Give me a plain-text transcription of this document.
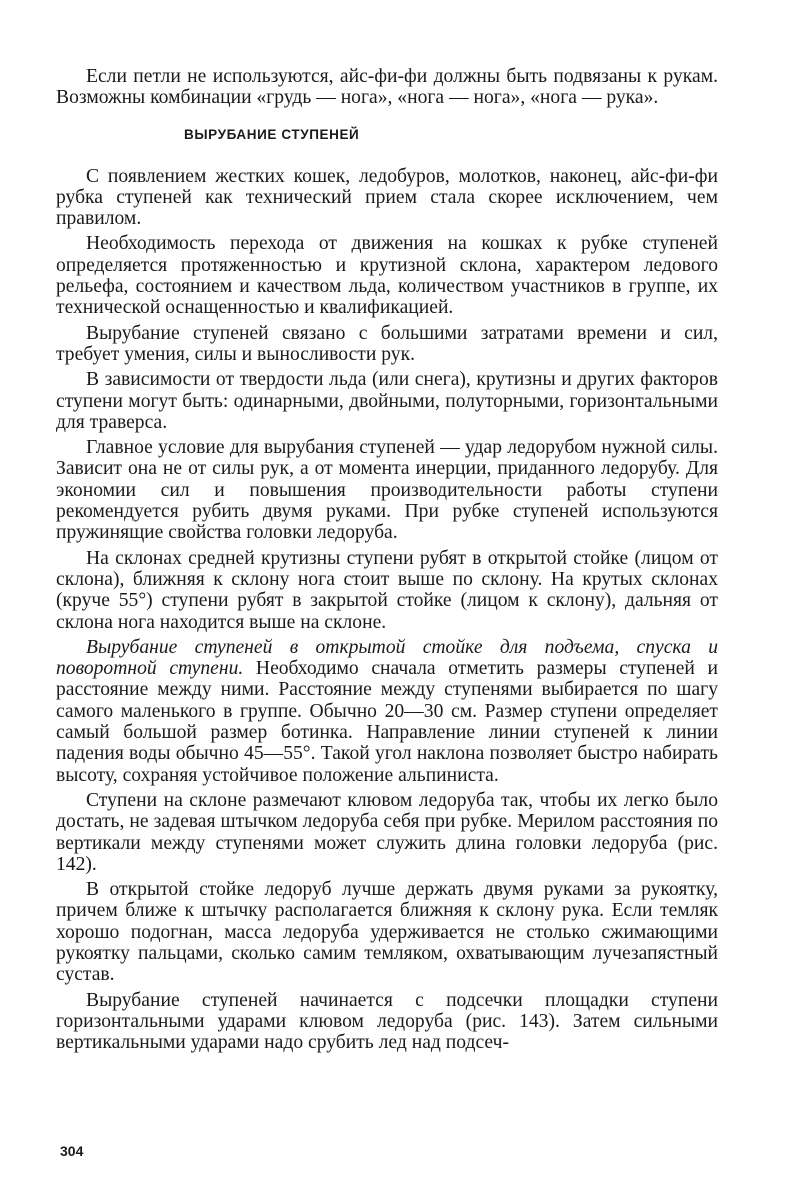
Если петли не используются, айс-фи-фи должны быть подвязаны к рукам. Возможны комбинации «грудь — нога», «нога — нога», «нога — рука».

ВЫРУБАНИЕ СТУПЕНЕЙ

С появлением жестких кошек, ледобуров, молотков, наконец, айс-фи-фи рубка ступеней как технический прием стала скорее исключением, чем правилом.

Необходимость перехода от движения на кошках к рубке ступеней определяется протяженностью и крутизной склона, характером ледового рельефа, состоянием и качеством льда, количеством участников в группе, их технической оснащенностью и квалификацией.

Вырубание ступеней связано с большими затратами времени и сил, требует умения, силы и выносливости рук.

В зависимости от твердости льда (или снега), крутизны и других факторов ступени могут быть: одинарными, двойными, полуторными, горизонтальными для траверса.

Главное условие для вырубания ступеней — удар ледорубом нужной силы. Зависит она не от силы рук, а от момента инерции, приданного ледорубу. Для экономии сил и повышения производительности работы ступени рекомендуется рубить двумя руками. При рубке ступеней используются пружинящие свойства головки ледоруба.

На склонах средней крутизны ступени рубят в открытой стойке (лицом от склона), ближняя к склону нога стоит выше по склону. На крутых склонах (круче 55°) ступени рубят в закрытой стойке (лицом к склону), дальняя от склона нога находится выше на склоне.

Вырубание ступеней в открытой стойке для подъема, спуска и поворотной ступени. Необходимо сначала отметить размеры ступеней и расстояние между ними. Расстояние между ступенями выбирается по шагу самого маленького в группе. Обычно 20—30 см. Размер ступени определяет самый большой размер ботинка. Направление линии ступеней к линии падения воды обычно 45—55°. Такой угол наклона позволяет быстро набирать высоту, сохраняя устойчивое положение альпиниста.

Ступени на склоне размечают клювом ледоруба так, чтобы их легко было достать, не задевая штычком ледоруба себя при рубке. Мерилом расстояния по вертикали между ступенями может служить длина головки ледоруба (рис. 142).

В открытой стойке ледоруб лучше держать двумя руками за рукоятку, причем ближе к штычку располагается ближняя к склону рука. Если темляк хорошо подогнан, масса ледоруба удерживается не столько сжимающими рукоятку пальцами, сколько самим темляком, охватывающим лучезапястный сустав.

Вырубание ступеней начинается с подсечки площадки ступени горизонтальными ударами клювом ледоруба (рис. 143). Затем сильными вертикальными ударами надо срубить лед над подсеч-

304
